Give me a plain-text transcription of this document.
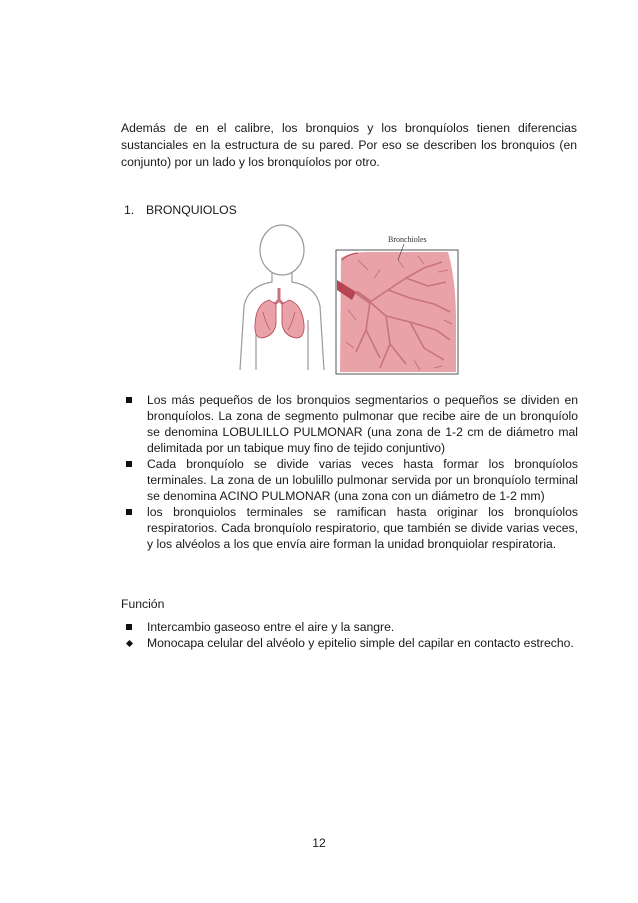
Además de en el calibre, los bronquios y los bronquíolos tienen diferencias sustanciales en la estructura de su pared. Por eso se describen los bronquios (en conjunto) por un lado y los bronquíolos por otro.

1. BRONQUIOLOS

Bronchioles
Los más pequeños de los bronquios segmentarios o pequeños se dividen en bronquíolos. La zona de segmento pulmonar que recibe aire de un bronquíolo se denomina LOBULILLO PULMONAR (una zona de 1-2 cm de diámetro mal delimitada por un tabique muy fino de tejido conjuntivo)
Cada bronquíolo se divide varias veces hasta formar los bronquíolos terminales. La zona de un lobulillo pulmonar servida por un bronquíolo terminal se denomina ACINO PULMONAR (una zona con un diámetro de 1-2 mm)
los bronquiolos terminales se ramifican hasta originar los bronquíolos respiratorios. Cada bronquíolo respiratorio, que también se divide varias veces, y los alvéolos a los que envía aire forman la unidad bronquiolar respiratoria.

Función

Intercambio gaseoso entre el aire y la sangre.
Monocapa celular del alvéolo y epitelio simple del capilar en contacto estrecho.

12
